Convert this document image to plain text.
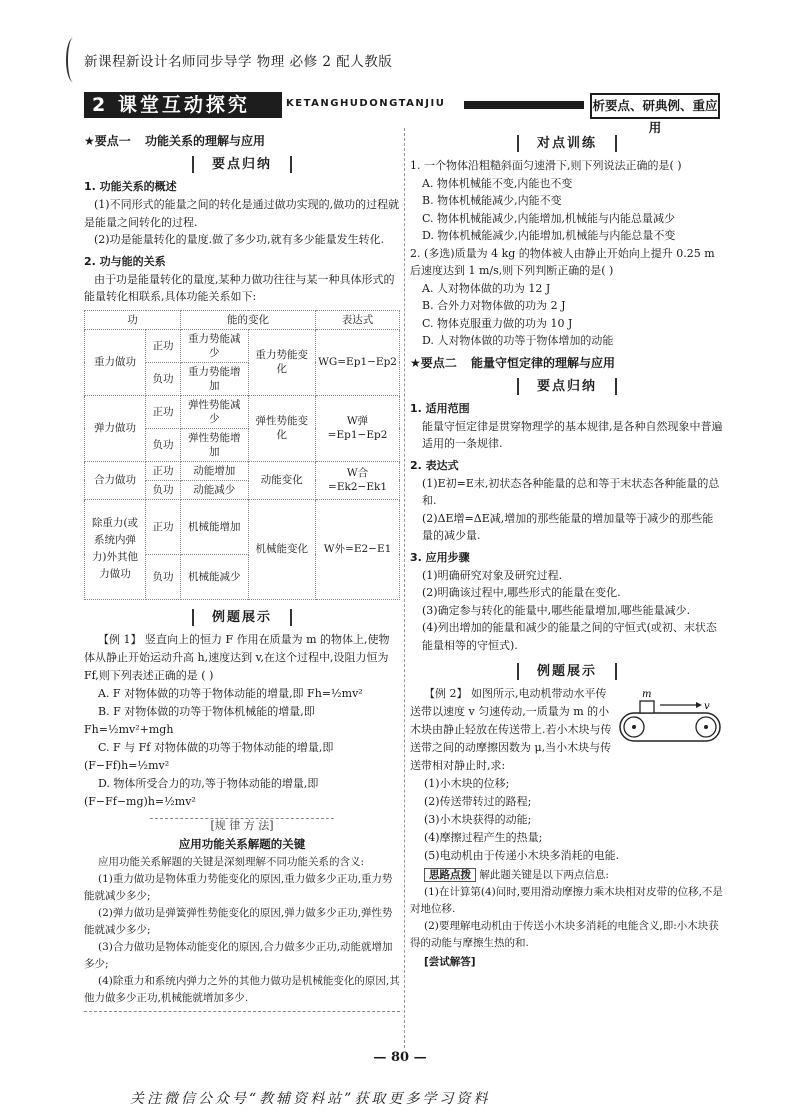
新课程新设计名师同步导学 物理 必修 2 配人教版
2 课堂互动探究	KETANGHUDONGTANJIU	析要点、研典例、重应用
★要点一 功能关系的理解与应用
要点归纳
1. 功能关系的概述
(1)不同形式的能量之间的转化是通过做功实现的,做功的过程就是能量之间转化的过程.
(2)功是能量转化的量度.做了多少功,就有多少能量发生转化.
2. 功与能的关系
由于功是能量转化的量度,某种力做功往往与某一种具体形式的能量转化相联系,具体功能关系如下:
功		能的变化		表达式
重力做功	正功	重力势能减少	重力势能变化	WG=Ep1−Ep2
	负功	重力势能增加		
弹力做功	正功	弹性势能减少	弹性势能变化	W弹=Ep1−Ep2
	负功	弹性势能增加		
合力做功	正功	动能增加	动能变化	W合=Ek2−Ek1
	负功	动能减少		
除重力(或系统内弹力)外其他力做功	正功	机械能增加	机械能变化	W外=E2−E1
	负功	机械能减少		
例题展示
【例 1】 竖直向上的恒力 F 作用在质量为 m 的物体上,使物体从静止开始运动升高 h,速度达到 v,在这个过程中,设阻力恒为 Ff,则下列表述正确的是 ( )
A. F 对物体做的功等于物体动能的增量,即 Fh=½mv²
B. F 对物体做的功等于物体机械能的增量,即 Fh=½mv²+mgh
C. F 与 Ff 对物体做的功等于物体动能的增量,即(F−Ff)h=½mv²
D. 物体所受合力的功,等于物体动能的增量,即(F−Ff−mg)h=½mv²
[规 律 方 法]
应用功能关系解题的关键
应用功能关系解题的关键是深刻理解不同功能关系的含义:
(1)重力做功是物体重力势能变化的原因,重力做多少正功,重力势能就减少多少;
(2)弹力做功是弹簧弹性势能变化的原因,弹力做多少正功,弹性势能就减少多少;
(3)合力做功是物体动能变化的原因,合力做多少正功,动能就增加多少;
(4)除重力和系统内弹力之外的其他力做功是机械能变化的原因,其他力做多少正功,机械能就增加多少.
对点训练
1. 一个物体沿粗糙斜面匀速滑下,则下列说法正确的是( )
A. 物体机械能不变,内能也不变
B. 物体机械能减少,内能不变
C. 物体机械能减少,内能增加,机械能与内能总量减少
D. 物体机械能减少,内能增加,机械能与内能总量不变
2. (多选)质量为 4 kg 的物体被人由静止开始向上提升 0.25 m 后速度达到 1 m/s,则下列判断正确的是( )
A. 人对物体做的功为 12 J
B. 合外力对物体做的功为 2 J
C. 物体克服重力做的功为 10 J
D. 人对物体做的功等于物体增加的动能
★要点二 能量守恒定律的理解与应用
要点归纳
1. 适用范围
能量守恒定律是贯穿物理学的基本规律,是各种自然现象中普遍适用的一条规律.
2. 表达式
(1)E初=E末,初状态各种能量的总和等于末状态各种能量的总和.
(2)ΔE增=ΔE减,增加的那些能量的增加量等于减少的那些能量的减少量.
3. 应用步骤
(1)明确研究对象及研究过程.
(2)明确该过程中,哪些形式的能量在变化.
(3)确定参与转化的能量中,哪些能量增加,哪些能量减少.
(4)列出增加的能量和减少的能量之间的守恒式(或初、末状态能量相等的守恒式).
例题展示
m
v
【例 2】 如图所示,电动机带动水平传送带以速度 v 匀速传动,一质量为 m 的小木块由静止轻放在传送带上.若小木块与传送带之间的动摩擦因数为 μ,当小木块与传送带相对静止时,求:
(1)小木块的位移;
(2)传送带转过的路程;
(3)小木块获得的动能;
(4)摩擦过程产生的热量;
(5)电动机由于传递小木块多消耗的电能.
思路点拨 解此题关键是以下两点信息:
(1)在计算第(4)问时,要用滑动摩擦力乘木块相对皮带的位移,不是对地位移.
(2)要理解电动机由于传送小木块多消耗的电能含义,即:小木块获得的动能与摩擦生热的和.
[尝试解答]
— 80 —
关注微信公众号“教辅资料站”获取更多学习资料
